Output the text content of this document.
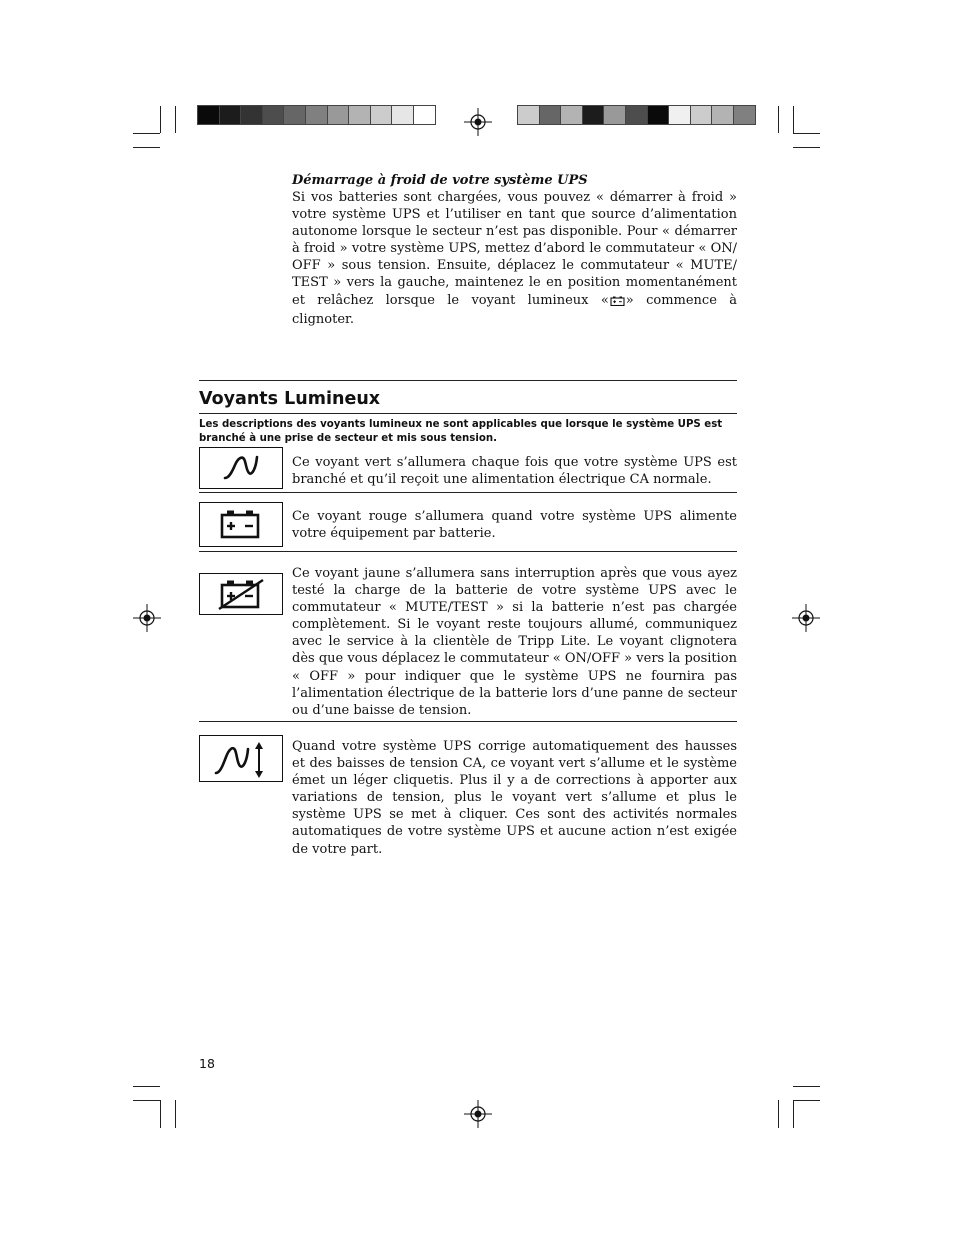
Démarrage à froid de votre système UPS
Si vos batteries sont chargées, vous pouvez « démarrer à froid » votre système UPS et l’utiliser en tant que source d’alimentation autonome lorsque le secteur n’est pas disponible. Pour « démarrer à froid » votre système UPS, mettez d’abord le commutateur « ON/ OFF » sous tension. Ensuite, déplacez le commutateur « MUTE/ TEST » vers la gauche, maintenez le en position momentanément et relâchez lorsque le voyant lumineux « » commence à clignoter.
Voyants Lumineux
Les descriptions des voyants lumineux ne sont applicables que lorsque le système UPS est branché à une prise de secteur et mis sous tension.
Ce voyant vert s’allumera chaque fois que votre système UPS est branché et qu’il reçoit une alimentation électrique CA normale.
Ce voyant rouge s’allumera quand votre système UPS alimente votre équipement par batterie.
Ce voyant jaune s’allumera sans interruption après que vous ayez testé la charge de la batterie de votre système UPS avec le commutateur « MUTE/TEST » si la batterie n’est pas chargée complètement. Si le voyant reste toujours allumé, communiquez avec le service à la clientèle de Tripp Lite. Le voyant clignotera dès que vous déplacez le commutateur « ON/OFF » vers la position « OFF » pour indiquer que le système UPS ne fournira pas l’alimentation électrique de la batterie lors d’une panne de secteur ou d’une baisse de tension.
Quand votre système UPS corrige automatiquement des hausses et des baisses de tension CA, ce voyant vert s’allume et le système émet un léger cliquetis. Plus il y a de corrections à apporter aux variations de tension, plus le voyant vert s’allume et plus le système UPS se met à cliquer. Ces sont des activités normales automatiques de votre système UPS et aucune action n’est exigée de votre part.
18
